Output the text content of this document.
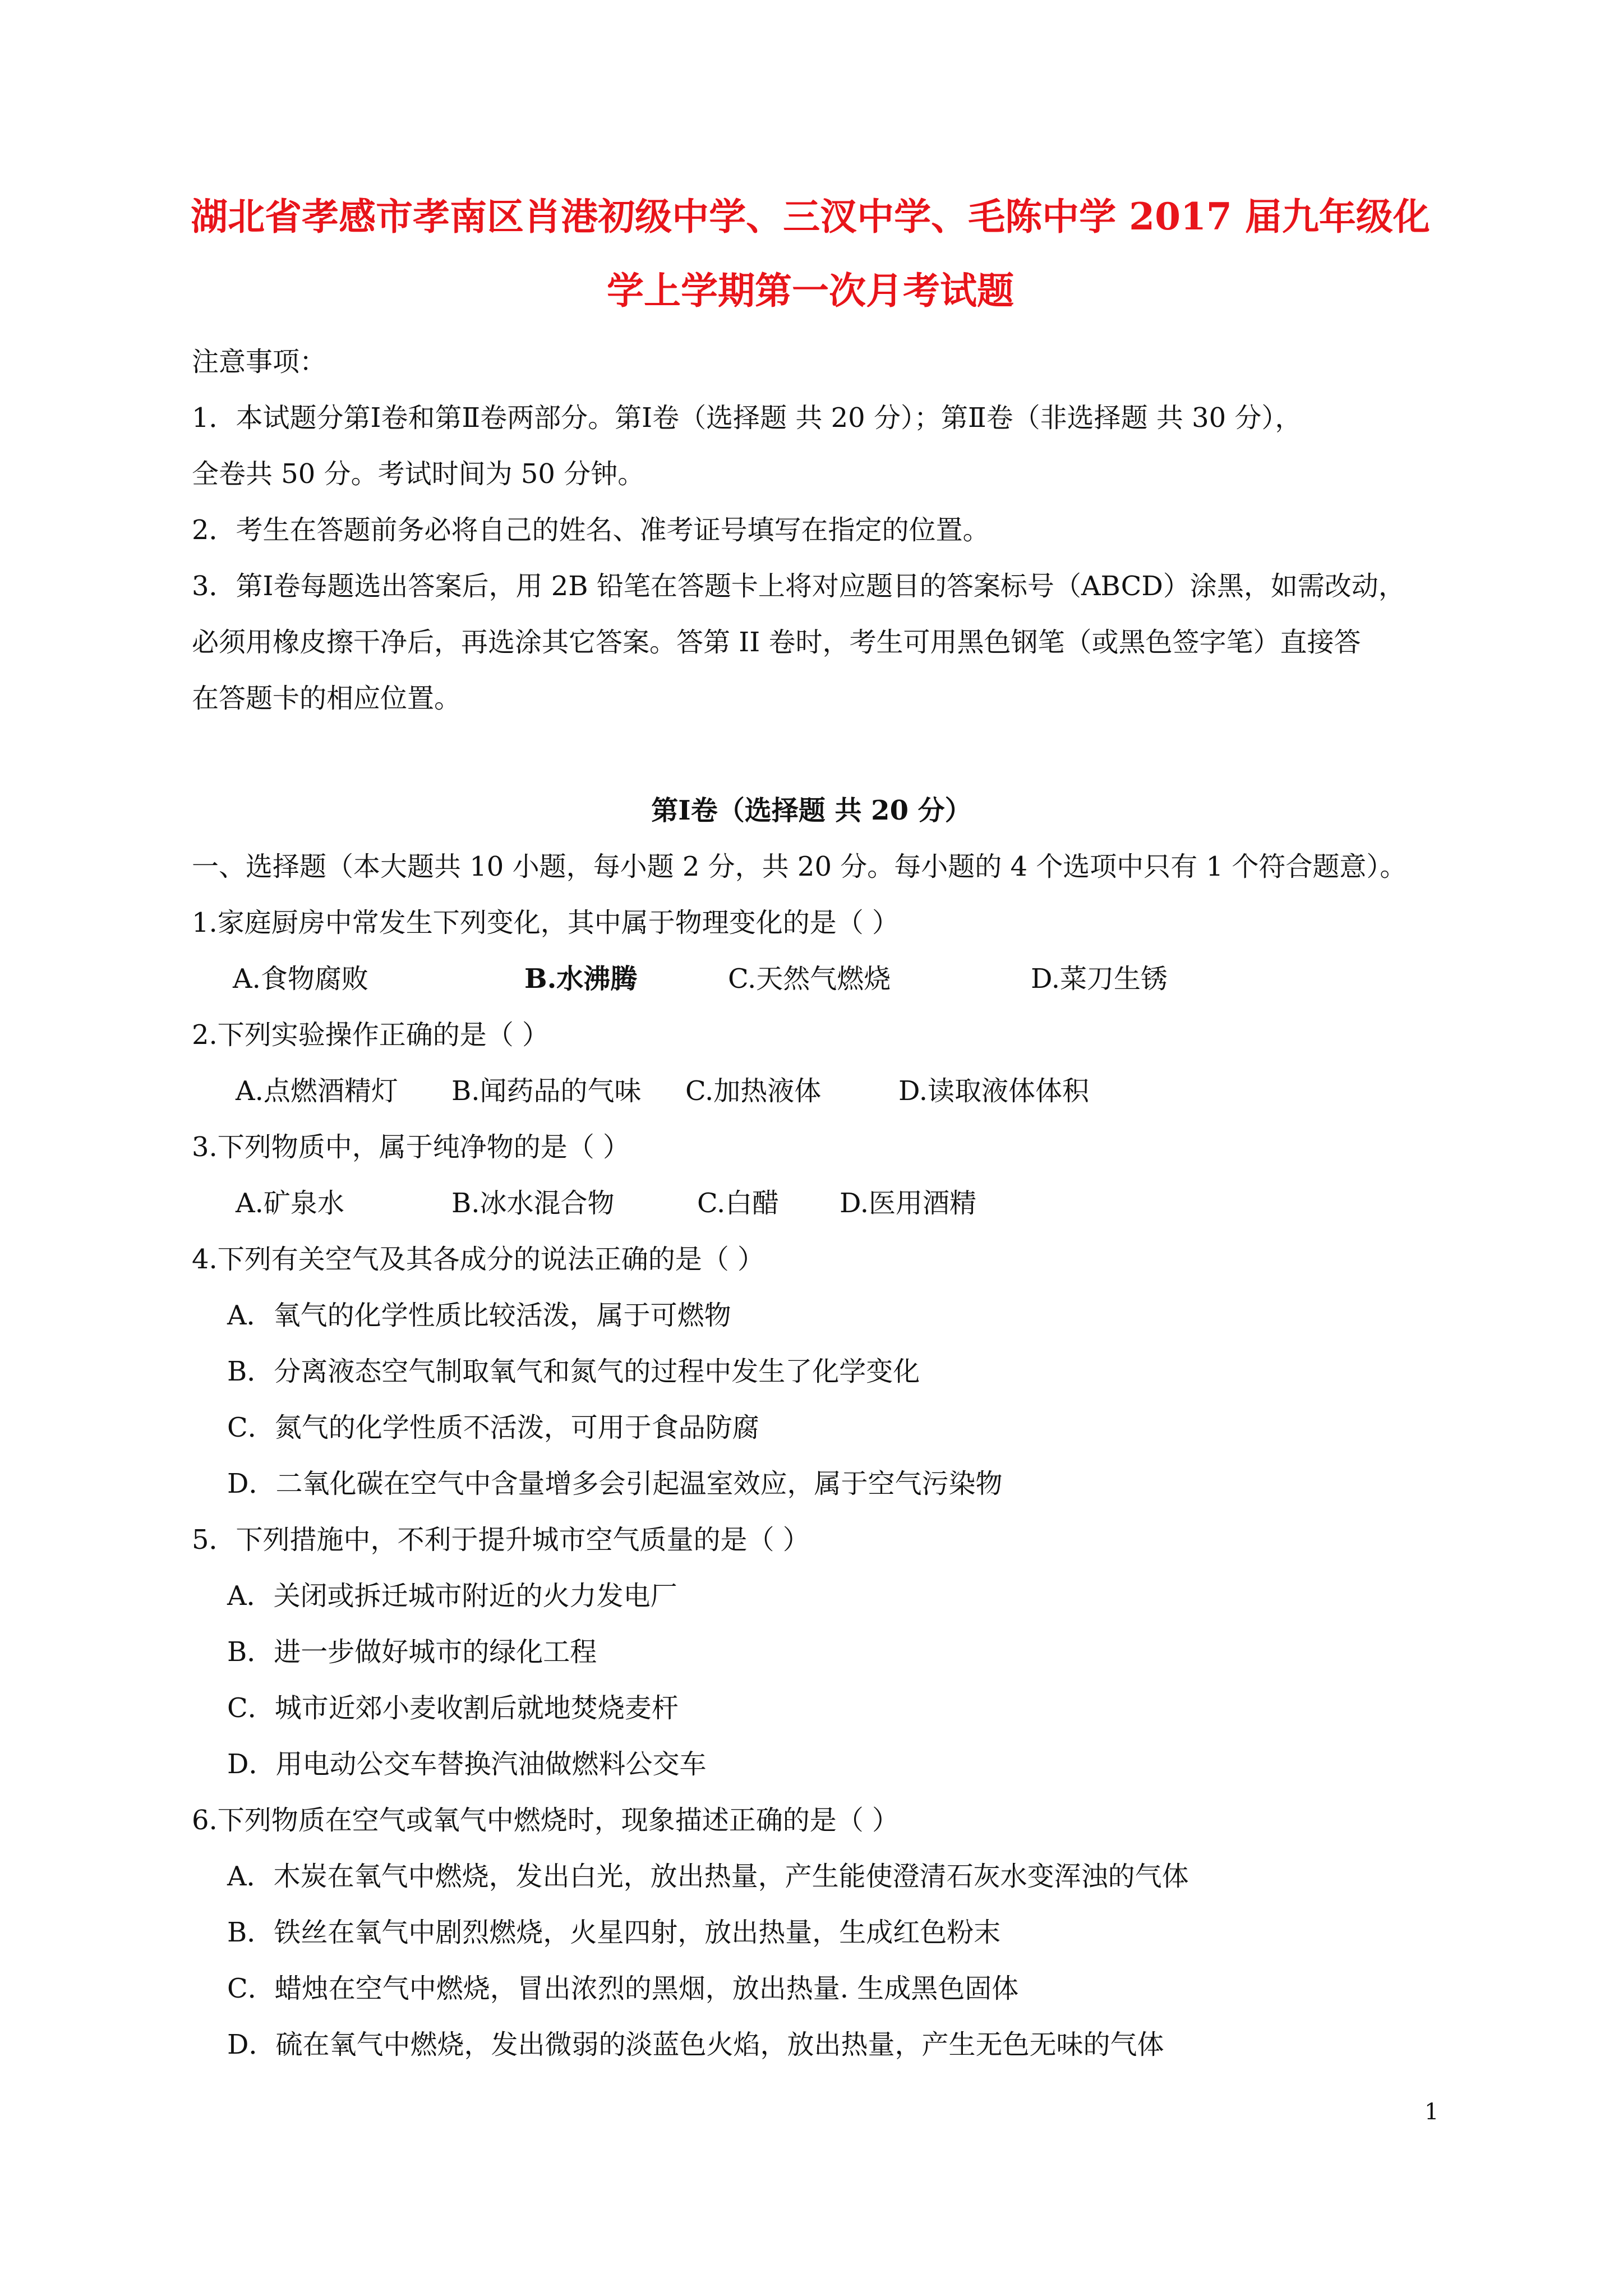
湖北省孝感市孝南区肖港初级中学、三汊中学、毛陈中学 2017 届九年级化
学上学期第一次月考试题
注意事项：
1．本试题分第Ⅰ卷和第Ⅱ卷两部分。第Ⅰ卷（选择题 共 20 分）；第Ⅱ卷（非选择题 共 30 分），
全卷共 50 分。考试时间为 50 分钟。
2．考生在答题前务必将自己的姓名、准考证号填写在指定的位置。
3．第Ⅰ卷每题选出答案后，用 2B 铅笔在答题卡上将对应题目的答案标号（ABCD）涂黑，如需改动，
必须用橡皮擦干净后，再选涂其它答案。答第 II 卷时，考生可用黑色钢笔（或黑色签字笔）直接答
在答题卡的相应位置。
第Ⅰ卷（选择题 共 20 分）
一、选择题（本大题共 10 小题，每小题 2 分，共 20 分。每小题的 4 个选项中只有 1 个符合题意）。
1.家庭厨房中常发生下列变化，其中属于物理变化的是（ ）
A.食物腐败	B.水沸腾	C.天然气燃烧	D.菜刀生锈
2.下列实验操作正确的是（ ）
A.点燃酒精灯 B.闻药品的气味 C.加热液体	D.读取液体体积
3.下列物质中，属于纯净物的是（ ）
A.矿泉水	B.冰水混合物	C.白醋 D.医用酒精
4.下列有关空气及其各成分的说法正确的是（ ）
A．氧气的化学性质比较活泼，属于可燃物
B．分离液态空气制取氧气和氮气的过程中发生了化学变化
C．氮气的化学性质不活泼，可用于食品防腐
D．二氧化碳在空气中含量增多会引起温室效应，属于空气污染物
5．下列措施中，不利于提升城市空气质量的是（ ）
A．关闭或拆迁城市附近的火力发电厂
B．进一步做好城市的绿化工程
C．城市近郊小麦收割后就地焚烧麦杆
D．用电动公交车替换汽油做燃料公交车
6.下列物质在空气或氧气中燃烧时，现象描述正确的是（ ）
A．木炭在氧气中燃烧，发出白光，放出热量，产生能使澄清石灰水变浑浊的气体
B．铁丝在氧气中剧烈燃烧，火星四射，放出热量，生成红色粉末
C．蜡烛在空气中燃烧，冒出浓烈的黑烟，放出热量. 生成黑色固体
D．硫在氧气中燃烧，发出微弱的淡蓝色火焰，放出热量，产生无色无味的气体
1
